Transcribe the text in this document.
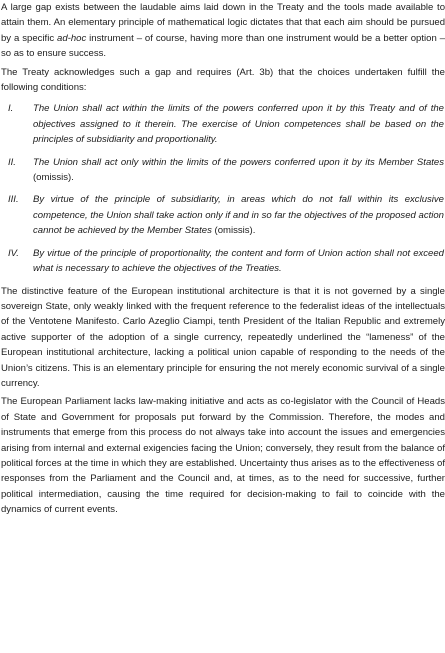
A large gap exists between the laudable aims laid down in the Treaty and the tools made available to attain them. An elementary principle of mathematical logic dictates that that each aim should be pursued by a specific ad-hoc instrument – of course, having more than one instrument would be a better option – so as to ensure success.

The Treaty acknowledges such a gap and requires (Art. 3b) that the choices undertaken fulfill the following conditions:

I.	The Union shall act within the limits of the powers conferred upon it by this Treaty and of the objectives assigned to it therein. The exercise of Union competences shall be based on the principles of subsidiarity and proportionality.
II.	The Union shall act only within the limits of the powers conferred upon it by its Member States (omissis).
III.	By virtue of the principle of subsidiarity, in areas which do not fall within its exclusive competence, the Union shall take action only if and in so far the objectives of the proposed action cannot be achieved by the Member States (omissis).
IV.	By virtue of the principle of proportionality, the content and form of Union action shall not exceed what is necessary to achieve the objectives of the Treaties.

The distinctive feature of the European institutional architecture is that it is not governed by a single sovereign State, only weakly linked with the frequent reference to the federalist ideas of the intellectuals of the Ventotene Manifesto. Carlo Azeglio Ciampi, tenth President of the Italian Republic and extremely active supporter of the adoption of a single currency, repeatedly underlined the “lameness” of the European institutional architecture, lacking a political union capable of responding to the needs of the Union’s citizens. This is an elementary principle for ensuring the not merely economic survival of a single currency.

The European Parliament lacks law-making initiative and acts as co-legislator with the Council of Heads of State and Government for proposals put forward by the Commission. Therefore, the modes and instruments that emerge from this process do not always take into account the issues and emergencies arising from internal and external exigencies facing the Union; conversely, they result from the balance of political forces at the time in which they are established. Uncertainty thus arises as to the effectiveness of responses from the Parliament and the Council and, at times, as to the need for successive, further political intermediation, causing the time required for decision-making to fail to coincide with the dynamics of current events.
